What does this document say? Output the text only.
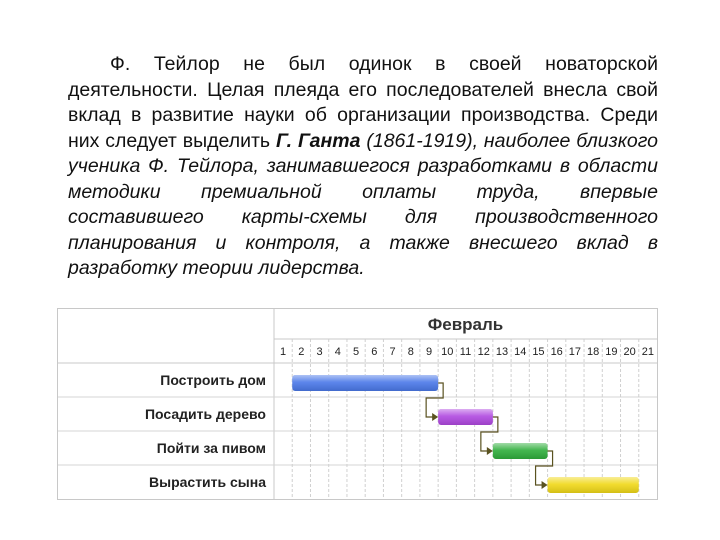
Ф. Тейлор не был одинок в своей новаторской деятельности. Целая плеяда его последователей внесла свой вклад в развитие науки об организации производства. Среди них следует выделить Г. Ганта (1861-1919), наиболее близкого ученика Ф. Тейлора, занимавшегося разработками в области методики премиальной оплаты труда, впервые составившего карты-схемы для производственного планирования и контроля, а также внесшего вклад в разработку теории лидерства.

Февраль
1 2 3 4 5 6 7 8 9 10 11 12 13 14 15 16 17 18 19 20 21
Построить дом
Посадить дерево
Пойти за пивом
Вырастить сына
